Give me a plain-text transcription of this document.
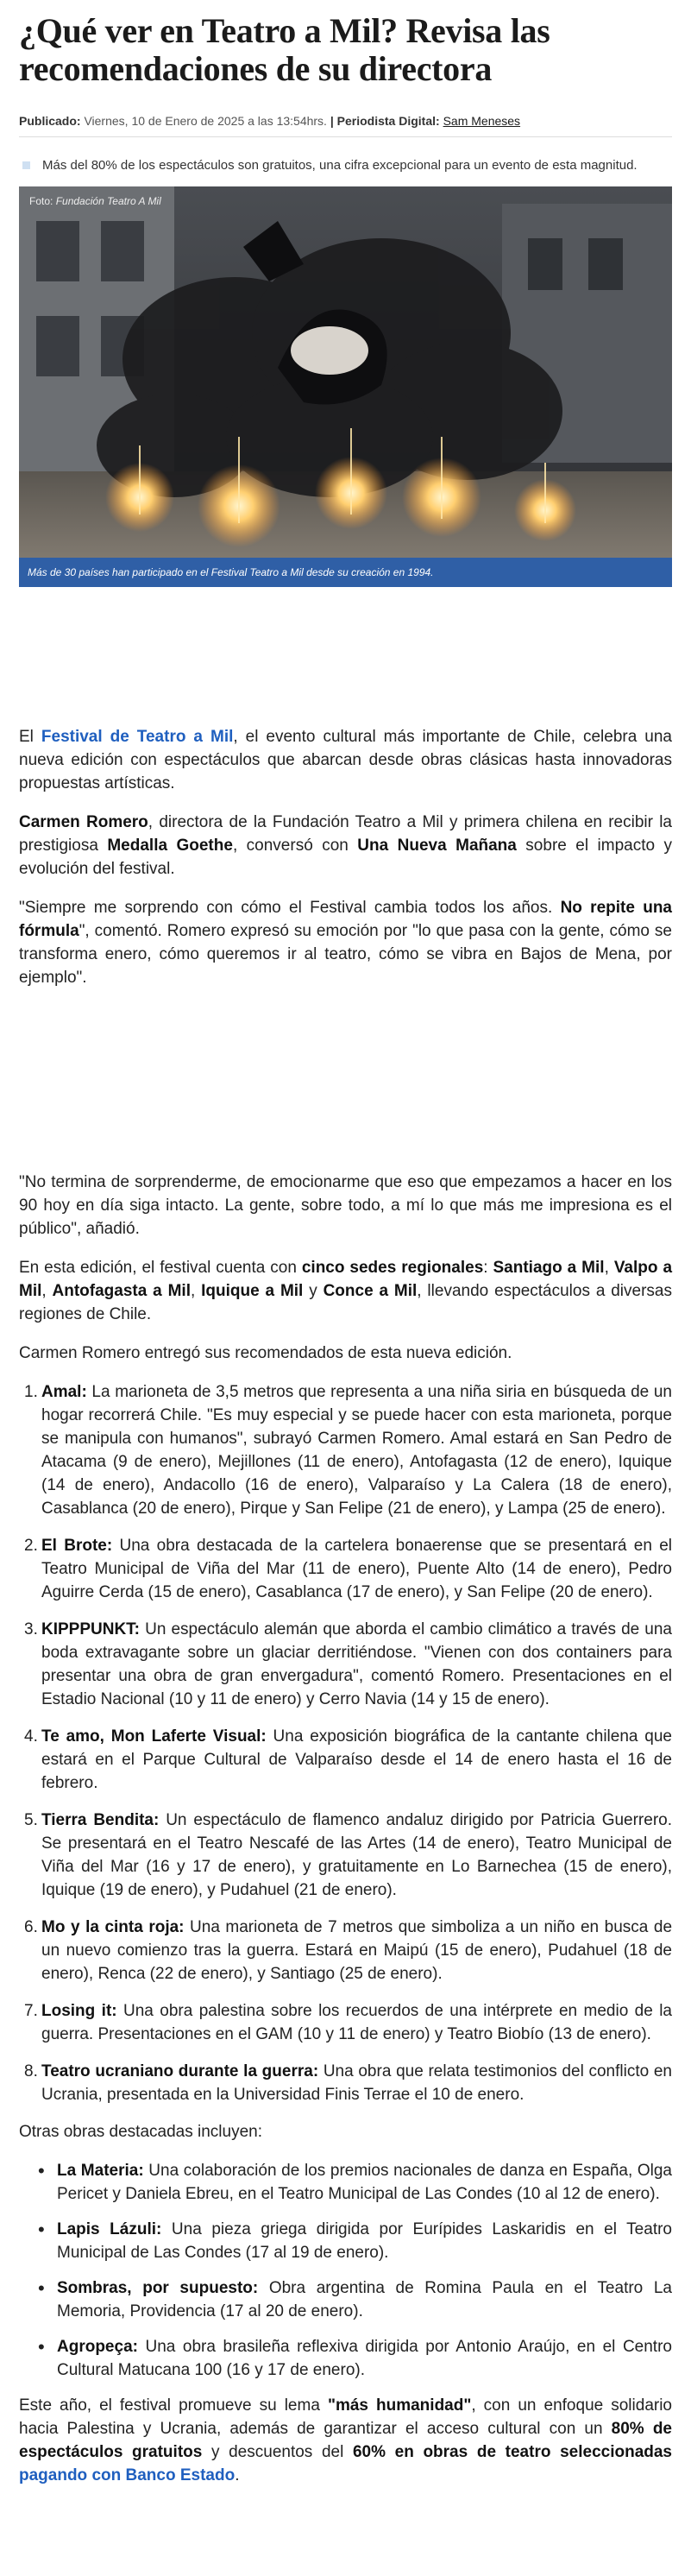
¿Qué ver en Teatro a Mil? Revisa las recomendaciones de su directora
Publicado: Viernes, 10 de Enero de 2025 a las 13:54hrs. | Periodista Digital: Sam Meneses
Más del 80% de los espectáculos son gratuitos, una cifra excepcional para un evento de esta magnitud.
Foto: Fundación Teatro A Mil
Más de 30 países han participado en el Festival Teatro a Mil desde su creación en 1994.

El Festival de Teatro a Mil, el evento cultural más importante de Chile, celebra una nueva edición con espectáculos que abarcan desde obras clásicas hasta innovadoras propuestas artísticas.

Carmen Romero, directora de la Fundación Teatro a Mil y primera chilena en recibir la prestigiosa Medalla Goethe, conversó con Una Nueva Mañana sobre el impacto y evolución del festival.

"Siempre me sorprendo con cómo el Festival cambia todos los años. No repite una fórmula", comentó. Romero expresó su emoción por "lo que pasa con la gente, cómo se transforma enero, cómo queremos ir al teatro, cómo se vibra en Bajos de Mena, por ejemplo".

"No termina de sorprenderme, de emocionarme que eso que empezamos a hacer en los 90 hoy en día siga intacto. La gente, sobre todo, a mí lo que más me impresiona es el público", añadió.

En esta edición, el festival cuenta con cinco sedes regionales: Santiago a Mil, Valpo a Mil, Antofagasta a Mil, Iquique a Mil y Conce a Mil, llevando espectáculos a diversas regiones de Chile.

Carmen Romero entregó sus recomendados de esta nueva edición.

1. Amal: La marioneta de 3,5 metros que representa a una niña siria en búsqueda de un hogar recorrerá Chile. "Es muy especial y se puede hacer con esta marioneta, porque se manipula con humanos", subrayó Carmen Romero. Amal estará en San Pedro de Atacama (9 de enero), Mejillones (11 de enero), Antofagasta (12 de enero), Iquique (14 de enero), Andacollo (16 de enero), Valparaíso y La Calera (18 de enero), Casablanca (20 de enero), Pirque y San Felipe (21 de enero), y Lampa (25 de enero).
2. El Brote: Una obra destacada de la cartelera bonaerense que se presentará en el Teatro Municipal de Viña del Mar (11 de enero), Puente Alto (14 de enero), Pedro Aguirre Cerda (15 de enero), Casablanca (17 de enero), y San Felipe (20 de enero).
3. KIPPPUNKT: Un espectáculo alemán que aborda el cambio climático a través de una boda extravagante sobre un glaciar derritiéndose. "Vienen con dos containers para presentar una obra de gran envergadura", comentó Romero. Presentaciones en el Estadio Nacional (10 y 11 de enero) y Cerro Navia (14 y 15 de enero).
4. Te amo, Mon Laferte Visual: Una exposición biográfica de la cantante chilena que estará en el Parque Cultural de Valparaíso desde el 14 de enero hasta el 16 de febrero.
5. Tierra Bendita: Un espectáculo de flamenco andaluz dirigido por Patricia Guerrero. Se presentará en el Teatro Nescafé de las Artes (14 de enero), Teatro Municipal de Viña del Mar (16 y 17 de enero), y gratuitamente en Lo Barnechea (15 de enero), Iquique (19 de enero), y Pudahuel (21 de enero).
6. Mo y la cinta roja: Una marioneta de 7 metros que simboliza a un niño en busca de un nuevo comienzo tras la guerra. Estará en Maipú (15 de enero), Pudahuel (18 de enero), Renca (22 de enero), y Santiago (25 de enero).
7. Losing it: Una obra palestina sobre los recuerdos de una intérprete en medio de la guerra. Presentaciones en el GAM (10 y 11 de enero) y Teatro Biobío (13 de enero).
8. Teatro ucraniano durante la guerra: Una obra que relata testimonios del conflicto en Ucrania, presentada en la Universidad Finis Terrae el 10 de enero.

Otras obras destacadas incluyen:

• La Materia: Una colaboración de los premios nacionales de danza en España, Olga Pericet y Daniela Ebreu, en el Teatro Municipal de Las Condes (10 al 12 de enero).
• Lapis Lázuli: Una pieza griega dirigida por Eurípides Laskaridis en el Teatro Municipal de Las Condes (17 al 19 de enero).
• Sombras, por supuesto: Obra argentina de Romina Paula en el Teatro La Memoria, Providencia (17 al 20 de enero).
• Agropeça: Una obra brasileña reflexiva dirigida por Antonio Araújo, en el Centro Cultural Matucana 100 (16 y 17 de enero).

Este año, el festival promueve su lema "más humanidad", con un enfoque solidario hacia Palestina y Ucrania, además de garantizar el acceso cultural con un 80% de espectáculos gratuitos y descuentos del 60% en obras de teatro seleccionadas pagando con Banco Estado.
